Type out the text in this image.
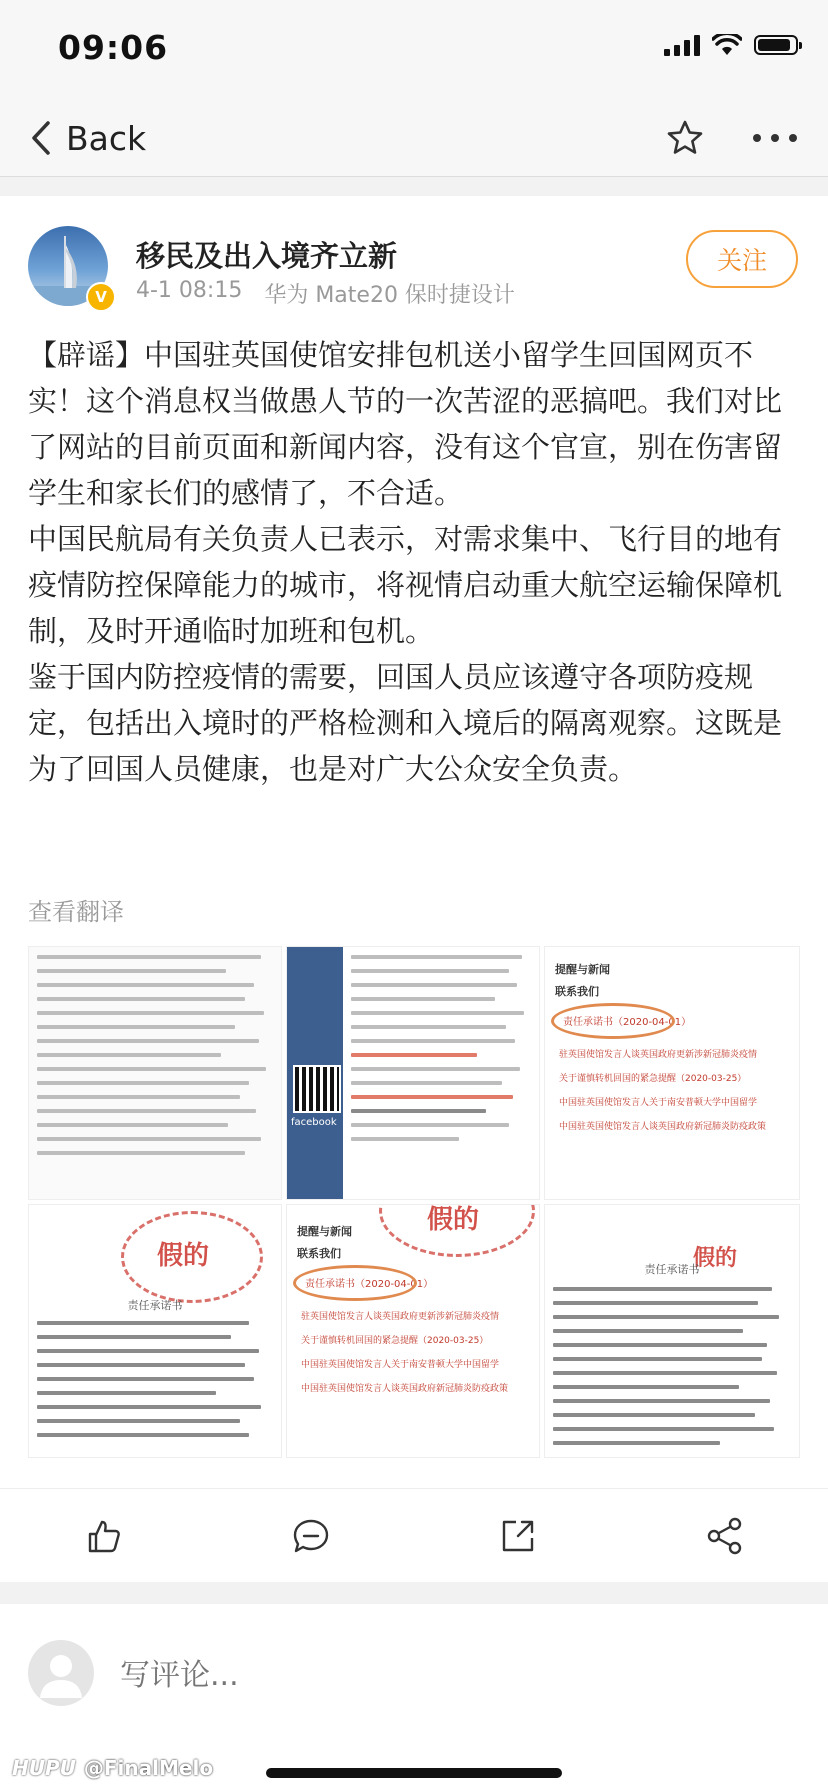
09:06
Back
V
移民及出入境齐立新
4-1 08:15 华为 Mate20 保时捷设计
关注

【辟谣】中国驻英国使馆安排包机送小留学生回国网页不实！这个消息权当做愚人节的一次苦涩的恶搞吧。我们对比了网站的目前页面和新闻内容，没有这个官宣，别在伤害留学生和家长们的感情了，不合适。

中国民航局有关负责人已表示，对需求集中、飞行目的地有疫情防控保障能力的城市，将视情启动重大航空运输保障机制，及时开通临时加班和包机。

鉴于国内防控疫情的需要，回国人员应该遵守各项防疫规定，包括出入境时的严格检测和入境后的隔离观察。这既是为了回国人员健康，也是对广大公众安全负责。

查看翻译
facebook
提醒与新闻
联系我们
责任承诺书（2020-04-01）
驻英国使馆发言人谈英国政府更新涉新冠肺炎疫情
关于谨慎转机回国的紧急提醒（2020-03-25）
中国驻英国使馆发言人关于南安普顿大学中国留学
中国驻英国使馆发言人谈英国政府新冠肺炎防疫政策
假的
责任承诺书
假的
提醒与新闻
联系我们
责任承诺书（2020-04-01）
驻英国使馆发言人谈英国政府更新涉新冠肺炎疫情
关于谨慎转机回国的紧急提醒（2020-03-25）
中国驻英国使馆发言人关于南安普顿大学中国留学
中国驻英国使馆发言人谈英国政府新冠肺炎防疫政策
假的
责任承诺书
写评论...
HUPU @FinalMelo
